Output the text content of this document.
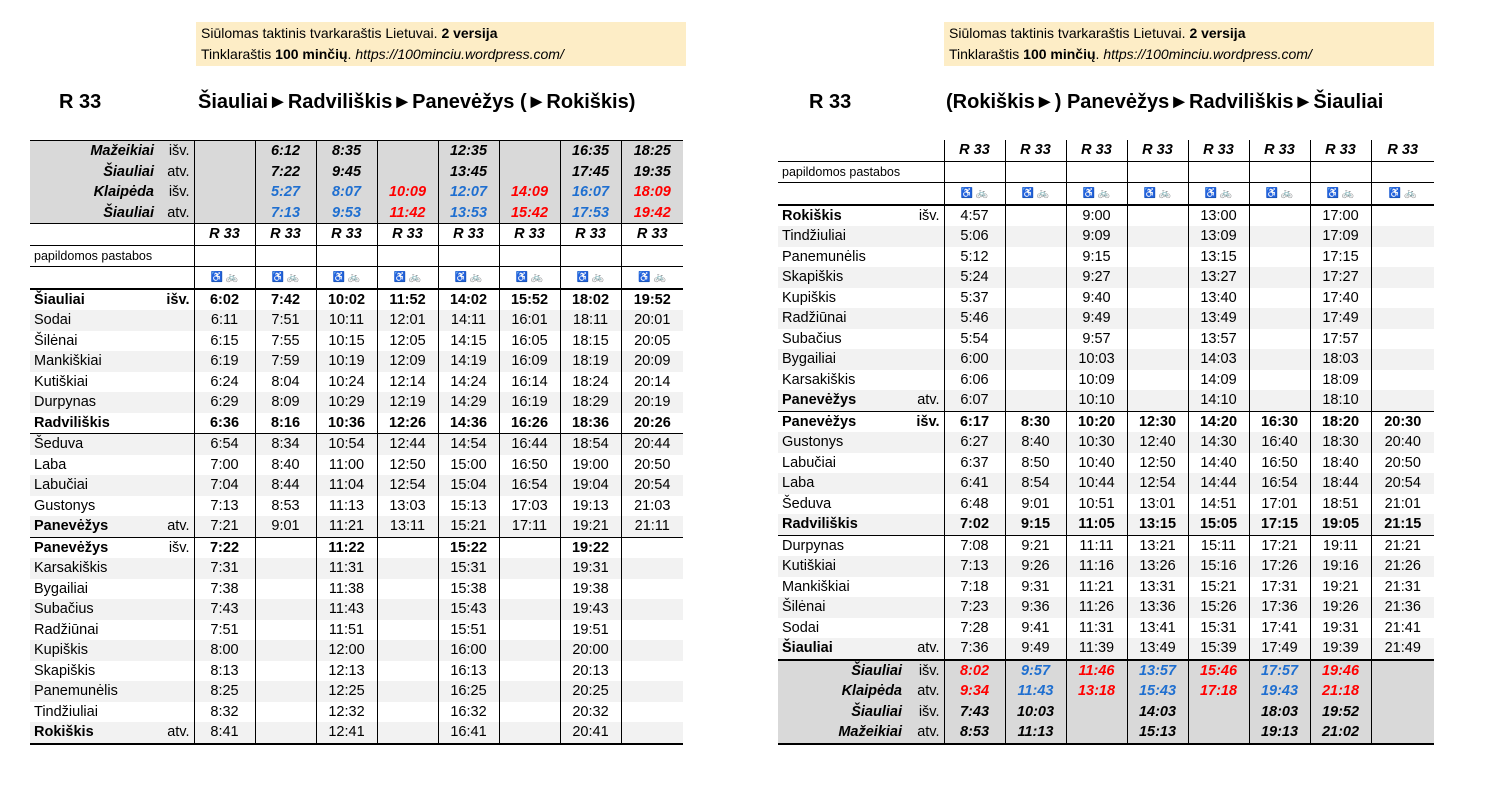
Siūlomas taktinis tvarkaraštis Lietuvai. 2 versija
Tinklaraštis 100 minčių. https://100minciu.wordpress.com/
R 33	Šiauliai►Radviliškis►Panevėžys (►Rokiškis)
Mažeikiai	išv.		6:12	8:35		12:35		16:35	18:25
Šiauliai	atv.		7:22	9:45		13:45		17:45	19:35
Klaipėda	išv.		5:27	8:07	10:09	12:07	14:09	16:07	18:09
Šiauliai	atv.		7:13	9:53	11:42	13:53	15:42	17:53	19:42
		R 33	R 33	R 33	R 33	R 33	R 33	R 33	R 33
papildomos pastabos									
		♿ 🚲	♿ 🚲	♿ 🚲	♿ 🚲	♿ 🚲	♿ 🚲	♿ 🚲	♿ 🚲
Šiauliai	išv.	6:02	7:42	10:02	11:52	14:02	15:52	18:02	19:52
Sodai		6:11	7:51	10:11	12:01	14:11	16:01	18:11	20:01
Šilėnai		6:15	7:55	10:15	12:05	14:15	16:05	18:15	20:05
Mankiškiai		6:19	7:59	10:19	12:09	14:19	16:09	18:19	20:09
Kutiškiai		6:24	8:04	10:24	12:14	14:24	16:14	18:24	20:14
Durpynas		6:29	8:09	10:29	12:19	14:29	16:19	18:29	20:19
Radviliškis		6:36	8:16	10:36	12:26	14:36	16:26	18:36	20:26
Šeduva		6:54	8:34	10:54	12:44	14:54	16:44	18:54	20:44
Laba		7:00	8:40	11:00	12:50	15:00	16:50	19:00	20:50
Labučiai		7:04	8:44	11:04	12:54	15:04	16:54	19:04	20:54
Gustonys		7:13	8:53	11:13	13:03	15:13	17:03	19:13	21:03
Panevėžys	atv.	7:21	9:01	11:21	13:11	15:21	17:11	19:21	21:11
Panevėžys	išv.	7:22		11:22		15:22		19:22	
Karsakiškis		7:31		11:31		15:31		19:31	
Bygailiai		7:38		11:38		15:38		19:38	
Subačius		7:43		11:43		15:43		19:43	
Radžiūnai		7:51		11:51		15:51		19:51	
Kupiškis		8:00		12:00		16:00		20:00	
Skapiškis		8:13		12:13		16:13		20:13	
Panemunėlis		8:25		12:25		16:25		20:25	
Tindžiuliai		8:32		12:32		16:32		20:32	
Rokiškis	atv.	8:41		12:41		16:41		20:41	
Siūlomas taktinis tvarkaraštis Lietuvai. 2 versija
Tinklaraštis 100 minčių. https://100minciu.wordpress.com/
R 33	(Rokiškis►) Panevėžys►Radviliškis►Šiauliai
		R 33	R 33	R 33	R 33	R 33	R 33	R 33	R 33
papildomos pastabos									
		♿ 🚲	♿ 🚲	♿ 🚲	♿ 🚲	♿ 🚲	♿ 🚲	♿ 🚲	♿ 🚲
Rokiškis	išv.	4:57		9:00		13:00		17:00	
Tindžiuliai		5:06		9:09		13:09		17:09	
Panemunėlis		5:12		9:15		13:15		17:15	
Skapiškis		5:24		9:27		13:27		17:27	
Kupiškis		5:37		9:40		13:40		17:40	
Radžiūnai		5:46		9:49		13:49		17:49	
Subačius		5:54		9:57		13:57		17:57	
Bygailiai		6:00		10:03		14:03		18:03	
Karsakiškis		6:06		10:09		14:09		18:09	
Panevėžys	atv.	6:07		10:10		14:10		18:10	
Panevėžys	išv.	6:17	8:30	10:20	12:30	14:20	16:30	18:20	20:30
Gustonys		6:27	8:40	10:30	12:40	14:30	16:40	18:30	20:40
Labučiai		6:37	8:50	10:40	12:50	14:40	16:50	18:40	20:50
Laba		6:41	8:54	10:44	12:54	14:44	16:54	18:44	20:54
Šeduva		6:48	9:01	10:51	13:01	14:51	17:01	18:51	21:01
Radviliškis		7:02	9:15	11:05	13:15	15:05	17:15	19:05	21:15
Durpynas		7:08	9:21	11:11	13:21	15:11	17:21	19:11	21:21
Kutiškiai		7:13	9:26	11:16	13:26	15:16	17:26	19:16	21:26
Mankiškiai		7:18	9:31	11:21	13:31	15:21	17:31	19:21	21:31
Šilėnai		7:23	9:36	11:26	13:36	15:26	17:36	19:26	21:36
Sodai		7:28	9:41	11:31	13:41	15:31	17:41	19:31	21:41
Šiauliai	atv.	7:36	9:49	11:39	13:49	15:39	17:49	19:39	21:49
Šiauliai	išv.	8:02	9:57	11:46	13:57	15:46	17:57	19:46	
Klaipėda	atv.	9:34	11:43	13:18	15:43	17:18	19:43	21:18	
Šiauliai	išv.	7:43	10:03		14:03		18:03	19:52	
Mažeikiai	atv.	8:53	11:13		15:13		19:13	21:02	
